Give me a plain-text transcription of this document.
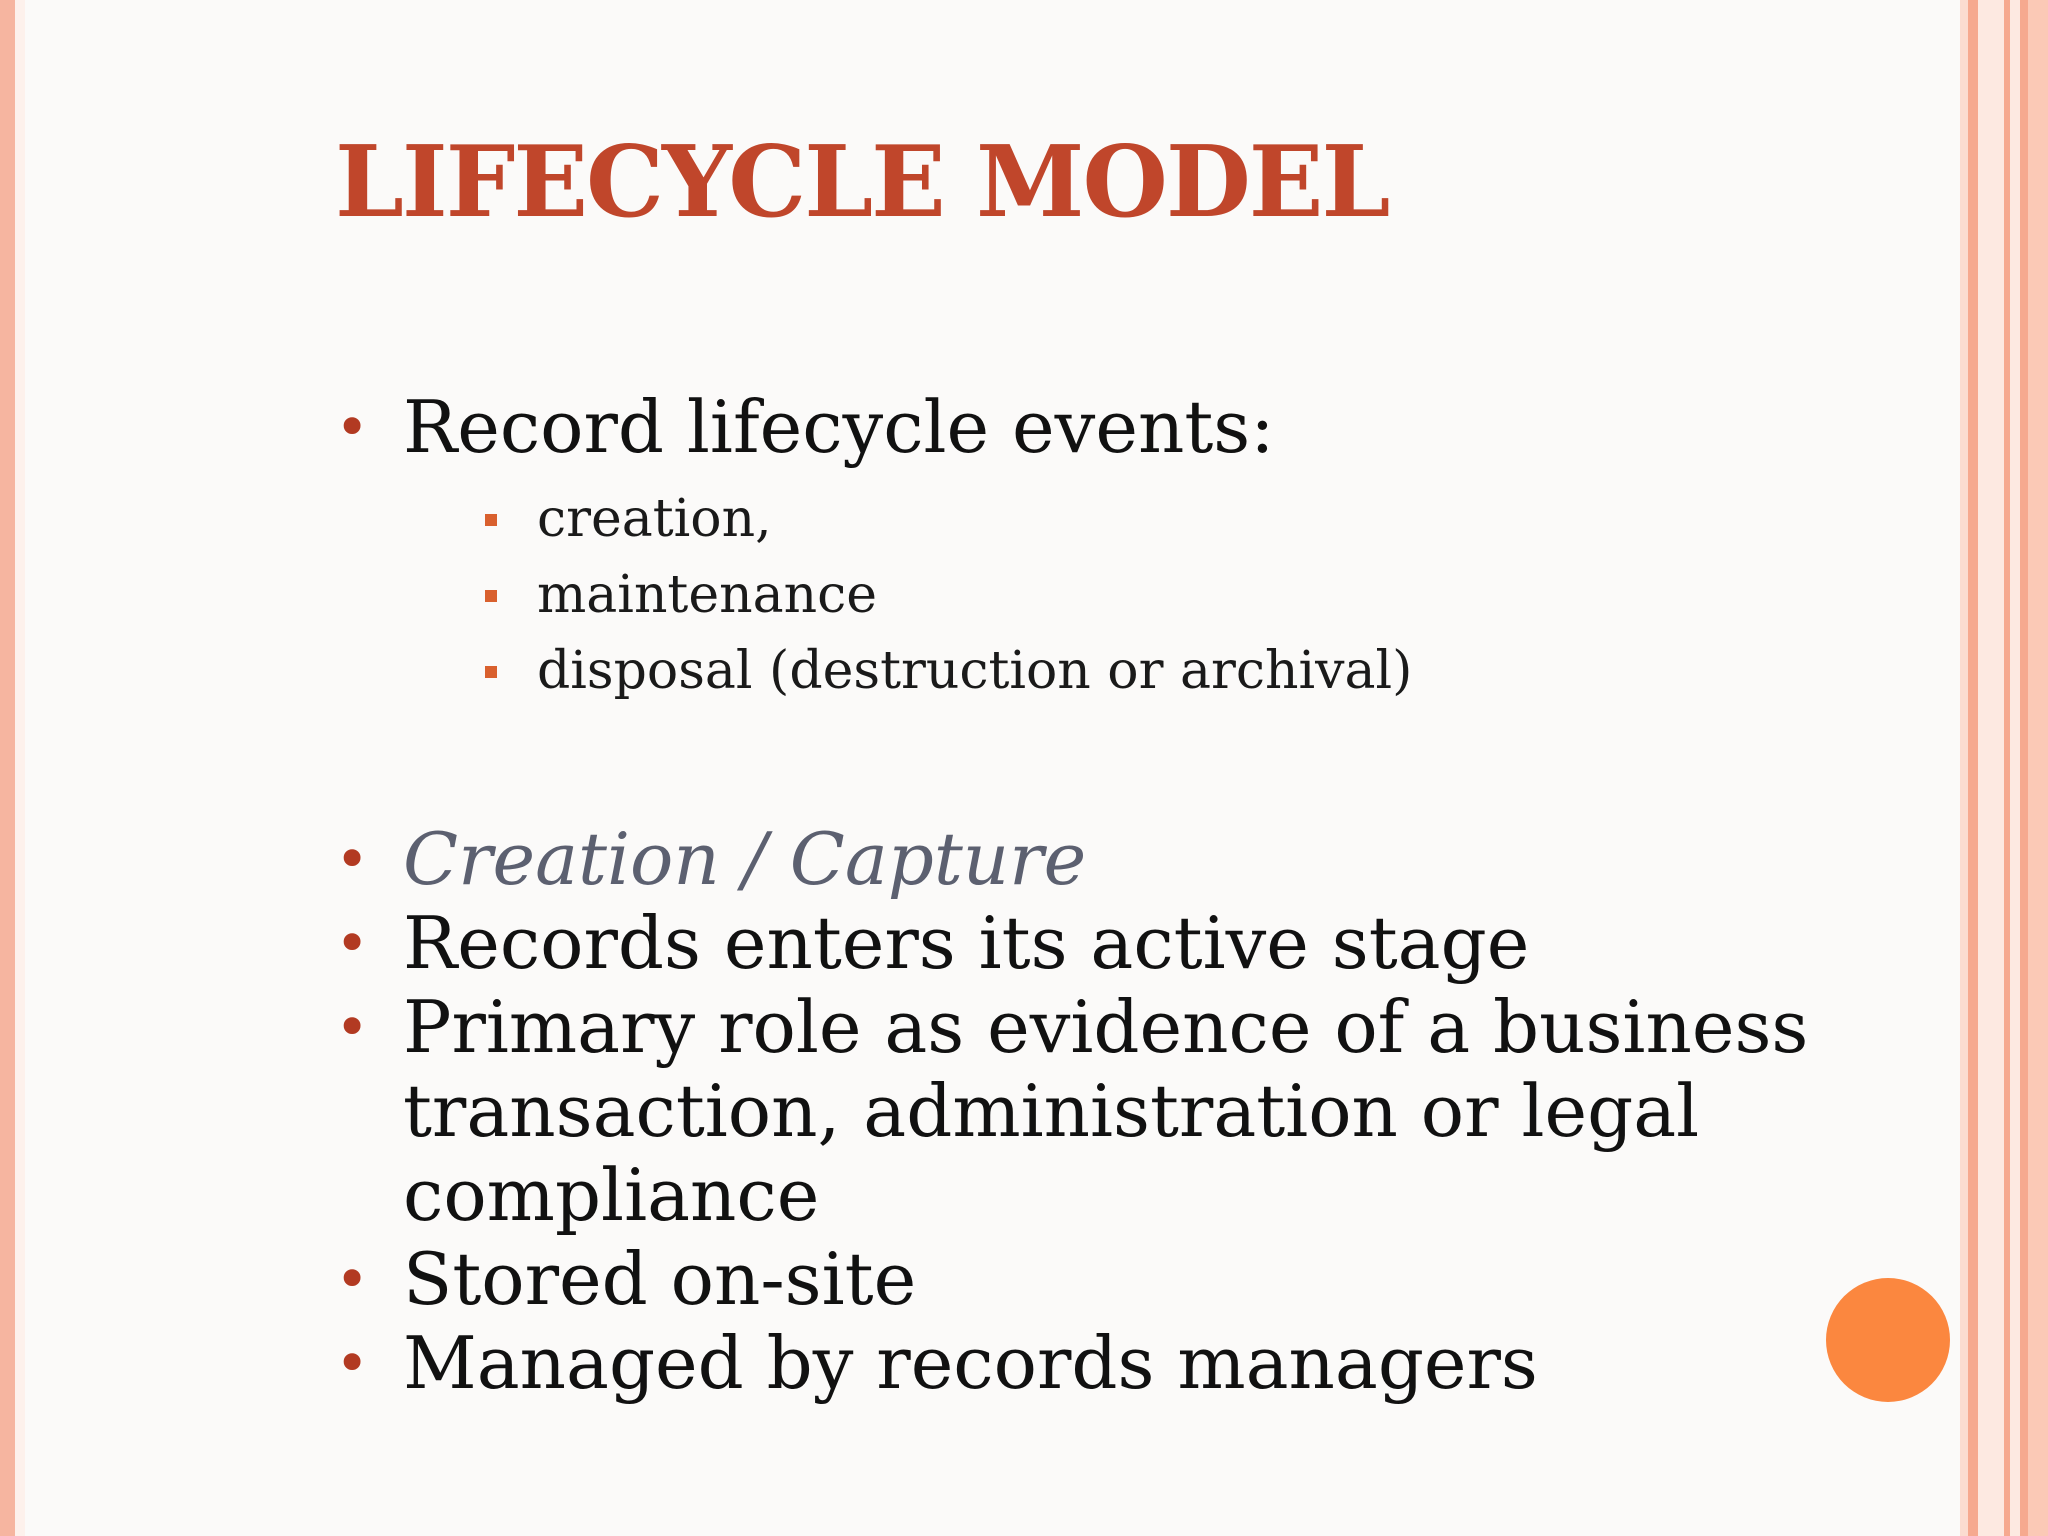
LIFECYCLE MODEL
• Record lifecycle events:
creation,
maintenance
disposal (destruction or archival)
• Creation / Capture
• Records enters its active stage
• Primary role as evidence of a business transaction, administration or legal compliance
• Stored on-site
• Managed by records managers
